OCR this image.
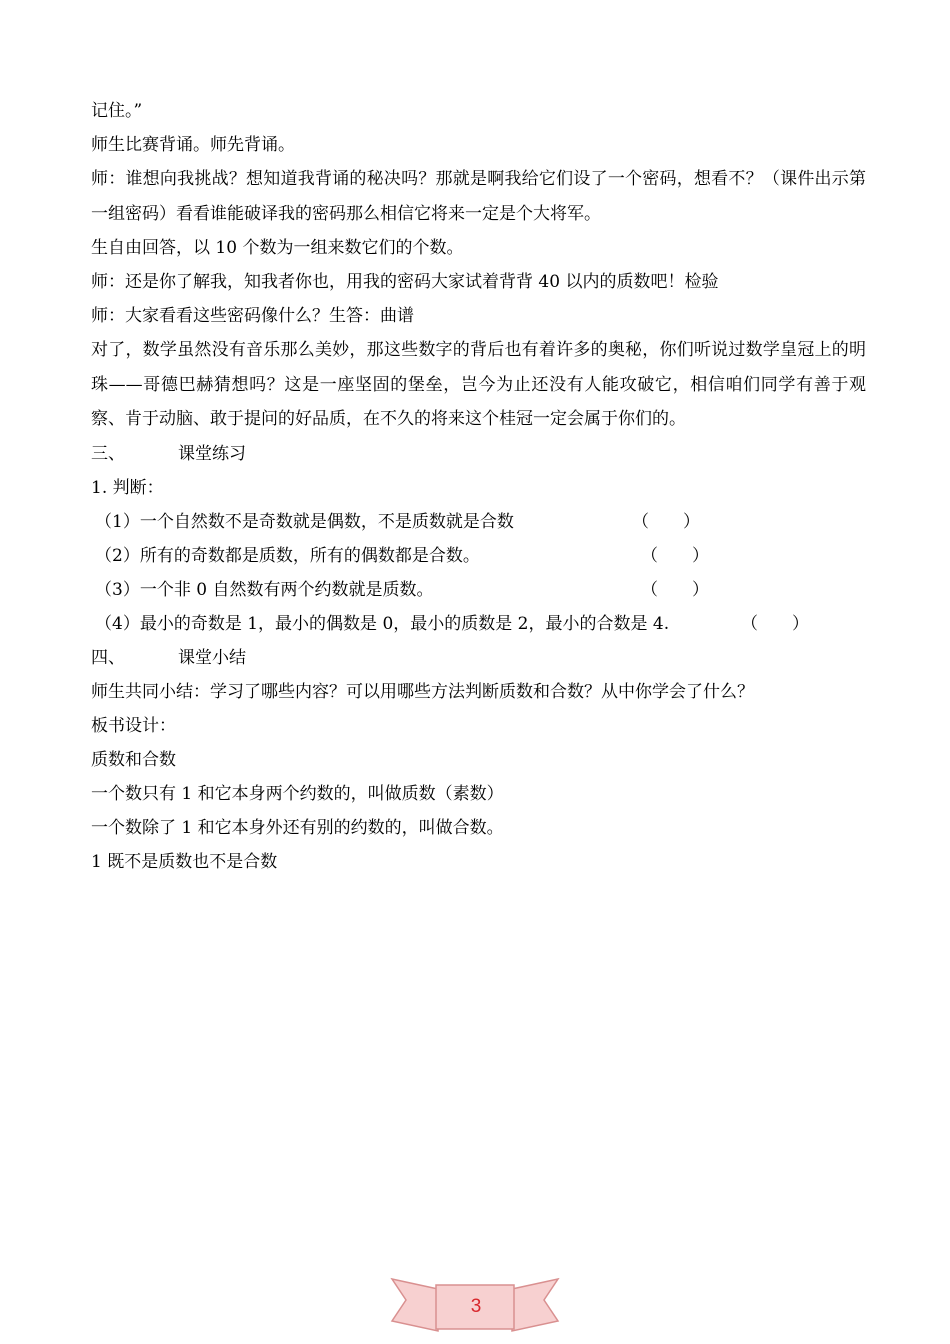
记住。”
师生比赛背诵。师先背诵。
师：谁想向我挑战？想知道我背诵的秘决吗？那就是啊我给它们设了一个密码，想看不？（课件出示第一组密码）看看谁能破译我的密码那么相信它将来一定是个大将军。
生自由回答，以 10 个数为一组来数它们的个数。
师：还是你了解我，知我者你也，用我的密码大家试着背背 40 以内的质数吧！检验
师：大家看看这些密码像什么？生答：曲谱
对了，数学虽然没有音乐那么美妙，那这些数字的背后也有着许多的奥秘，你们听说过数学皇冠上的明珠——哥德巴赫猜想吗？这是一座坚固的堡垒，岂今为止还没有人能攻破它，相信咱们同学有善于观察、肯于动脑、敢于提问的好品质，在不久的将来这个桂冠一定会属于你们的。
三、	课堂练习
1. 判断：
（1）一个自然数不是奇数就是偶数，不是质数就是合数	（　　）
（2）所有的奇数都是质数，所有的偶数都是合数。	（　　）
（3）一个非 0 自然数有两个约数就是质数。	（　　）
（4）最小的奇数是 1，最小的偶数是 0，最小的质数是 2，最小的合数是 4.	（　　）
四、	课堂小结
师生共同小结：学习了哪些内容？可以用哪些方法判断质数和合数？从中你学会了什么？
板书设计：
质数和合数
一个数只有 1 和它本身两个约数的，叫做质数（素数）
一个数除了 1 和它本身外还有别的约数的，叫做合数。
1 既不是质数也不是合数
3
